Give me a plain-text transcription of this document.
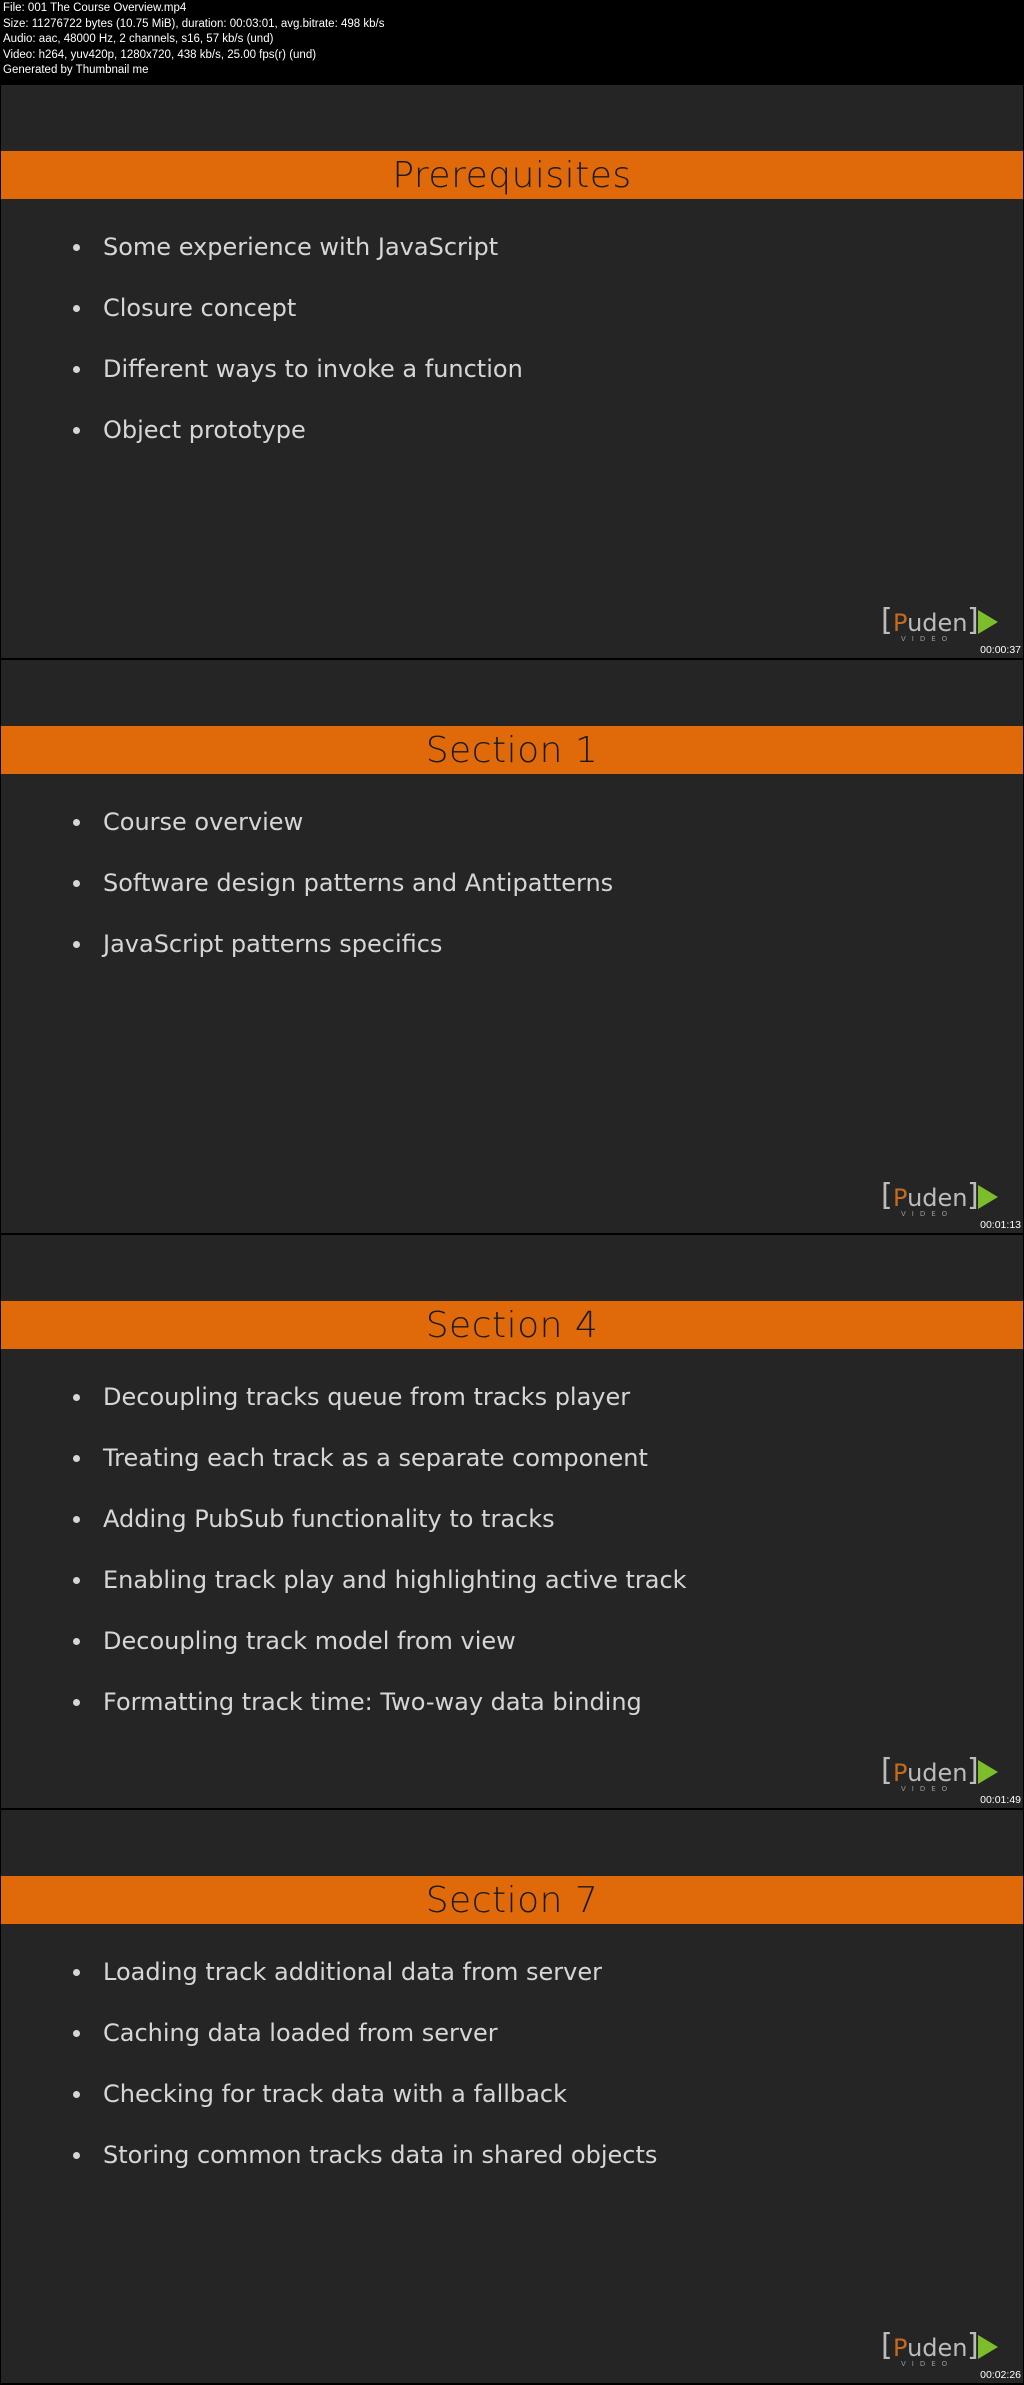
File: 001 The Course Overview.mp4
Size: 11276722 bytes (10.75 MiB), duration: 00:03:01, avg.bitrate: 498 kb/s
Audio: aac, 48000 Hz, 2 channels, s16, 57 kb/s (und)
Video: h264, yuv420p, 1280x720, 438 kb/s, 25.00 fps(r) (und)
Generated by Thumbnail me
Prerequisites
Some experience with JavaScript
Closure concept
Different ways to invoke a function
Object prototype
[ Puden ]
VIDEO
00:00:37
Section 1
Course overview
Software design patterns and Antipatterns
JavaScript patterns specifics
[ Puden ]
VIDEO
00:01:13
Section 4
Decoupling tracks queue from tracks player
Treating each track as a separate component
Adding PubSub functionality to tracks
Enabling track play and highlighting active track
Decoupling track model from view
Formatting track time: Two-way data binding
[ Puden ]
VIDEO
00:01:49
Section 7
Loading track additional data from server
Caching data loaded from server
Checking for track data with a fallback
Storing common tracks data in shared objects
[ Puden ]
VIDEO
00:02:26
